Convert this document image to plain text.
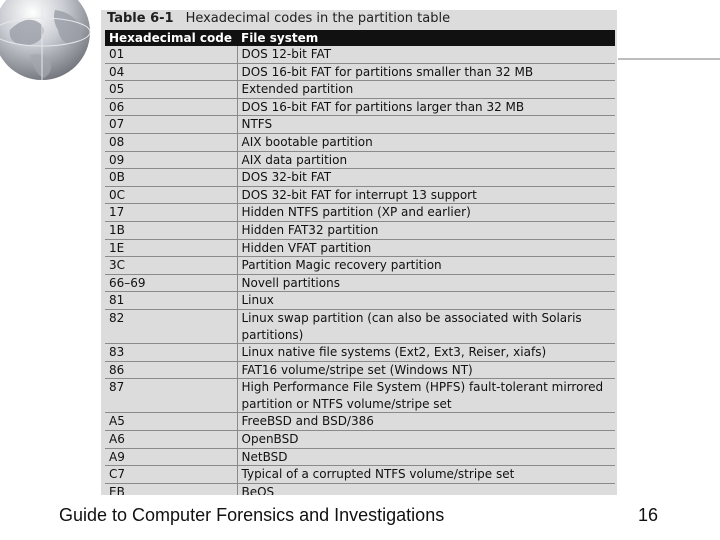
Table 6-1 Hexadecimal codes in the partition table
Hexadecimal code	File system
01	DOS 12-bit FAT
04	DOS 16-bit FAT for partitions smaller than 32 MB
05	Extended partition
06	DOS 16-bit FAT for partitions larger than 32 MB
07	NTFS
08	AIX bootable partition
09	AIX data partition
0B	DOS 32-bit FAT
0C	DOS 32-bit FAT for interrupt 13 support
17	Hidden NTFS partition (XP and earlier)
1B	Hidden FAT32 partition
1E	Hidden VFAT partition
3C	Partition Magic recovery partition
66–69	Novell partitions
81	Linux
82	Linux swap partition (can also be associated with Solaris partitions)
83	Linux native file systems (Ext2, Ext3, Reiser, xiafs)
86	FAT16 volume/stripe set (Windows NT)
87	High Performance File System (HPFS) fault-tolerant mirrored partition or NTFS volume/stripe set
A5	FreeBSD and BSD/386
A6	OpenBSD
A9	NetBSD
C7	Typical of a corrupted NTFS volume/stripe set
EB	BeOS
Guide to Computer Forensics and Investigations	16
